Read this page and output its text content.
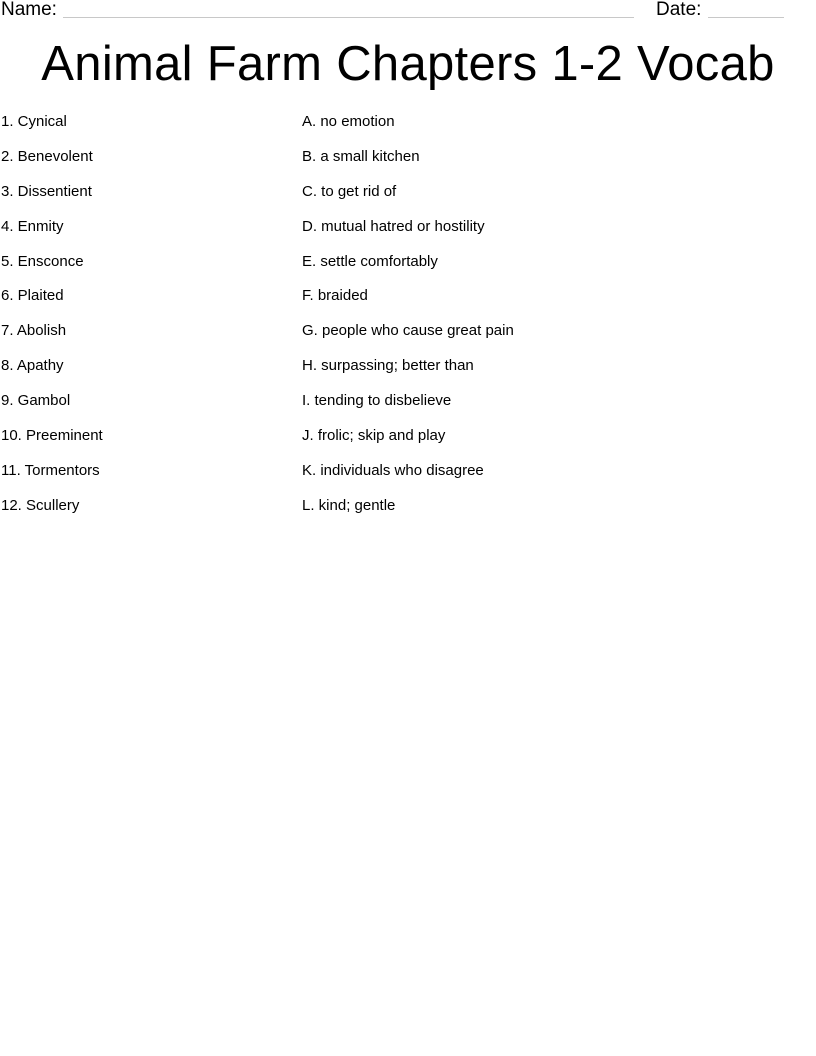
Name:	Date:
Animal Farm Chapters 1-2 Vocab
1. Cynical
2. Benevolent
3. Dissentient
4. Enmity
5. Ensconce
6. Plaited
7. Abolish
8. Apathy
9. Gambol
10. Preeminent
11. Tormentors
12. Scullery
A. no emotion
B. a small kitchen
C. to get rid of
D. mutual hatred or hostility
E. settle comfortably
F. braided
G. people who cause great pain
H. surpassing; better than
I. tending to disbelieve
J. frolic; skip and play
K. individuals who disagree
L. kind; gentle
